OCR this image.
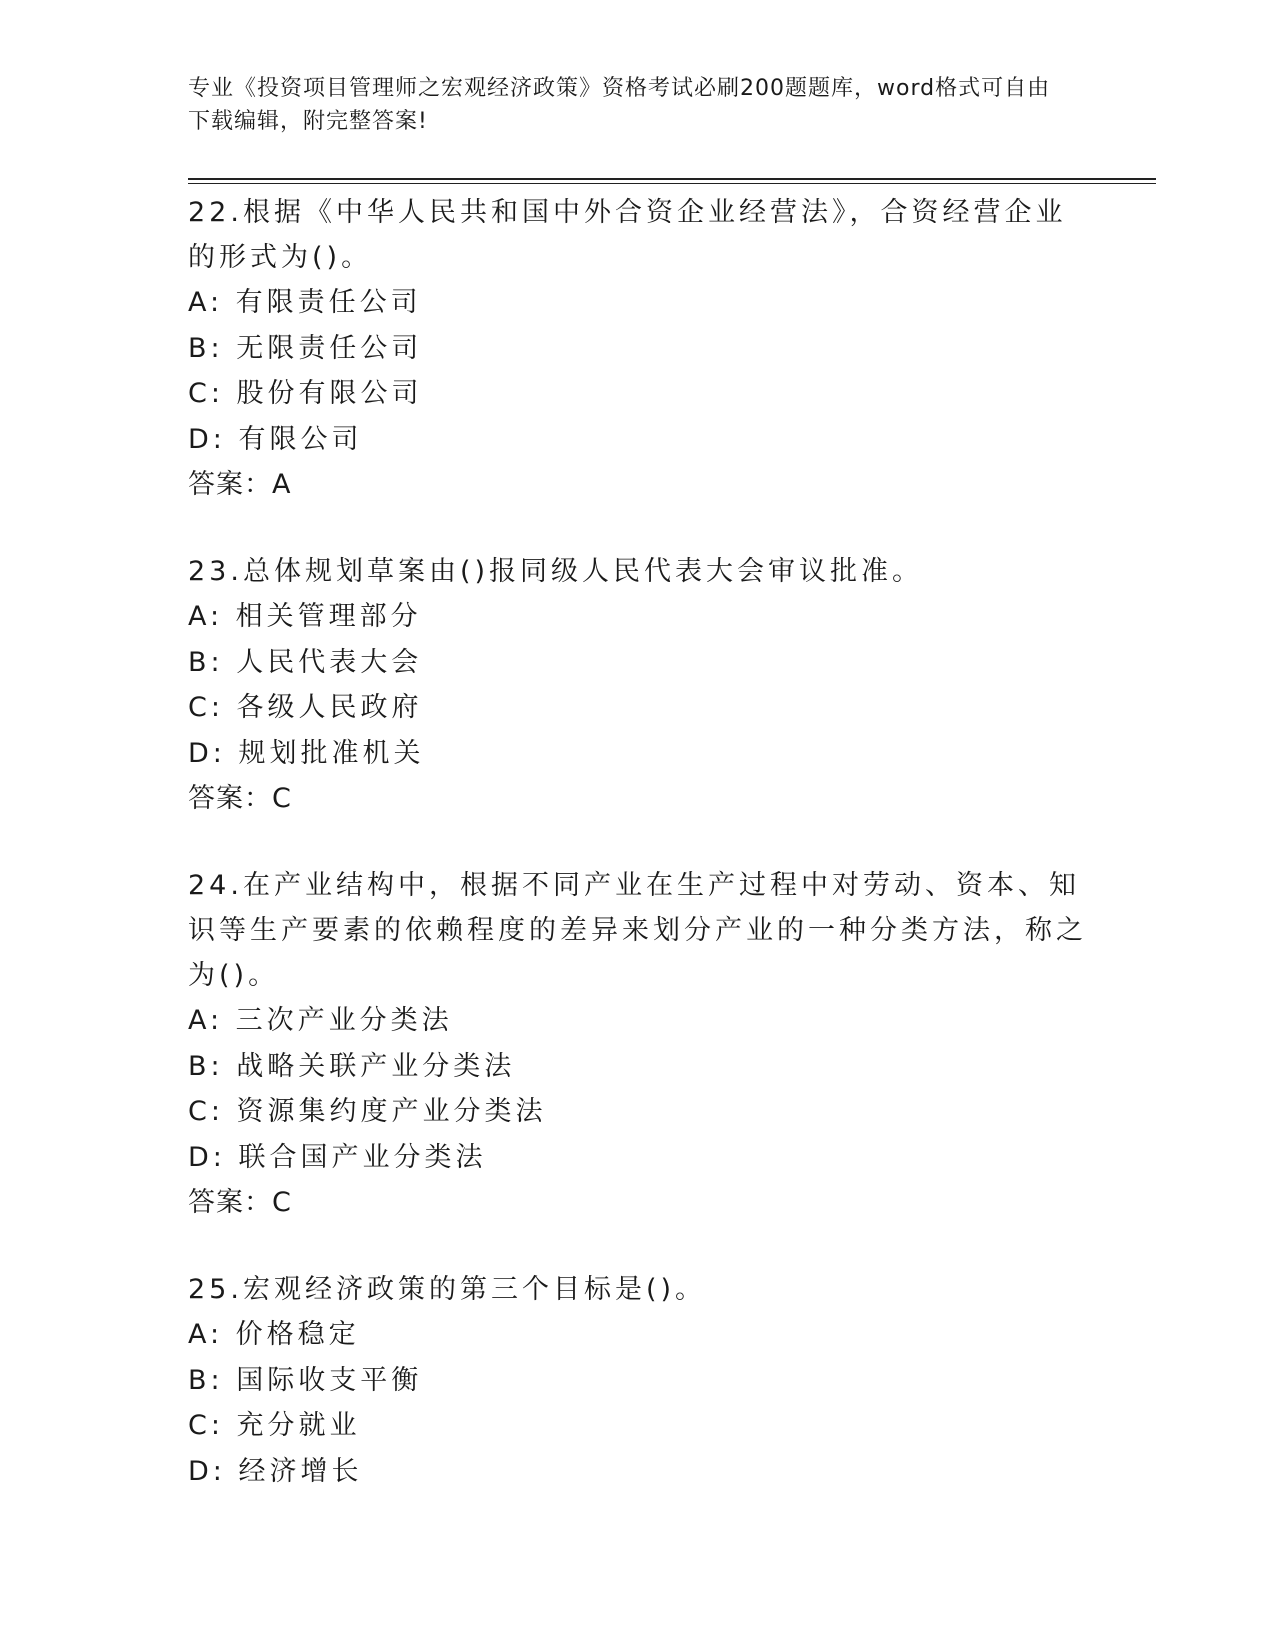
专业《投资项目管理师之宏观经济政策》资格考试必刷200题题库，word格式可自由下载编辑，附完整答案!

22.根据《中华人民共和国中外合资企业经营法》，合资经营企业的形式为()。

A: 有限责任公司

B: 无限责任公司

C: 股份有限公司

D: 有限公司

答案：A

23.总体规划草案由()报同级人民代表大会审议批准。

A: 相关管理部分

B: 人民代表大会

C: 各级人民政府

D: 规划批准机关

答案：C

24.在产业结构中，根据不同产业在生产过程中对劳动、资本、知识等生产要素的依赖程度的差异来划分产业的一种分类方法，称之为()。

A: 三次产业分类法

B: 战略关联产业分类法

C: 资源集约度产业分类法

D: 联合国产业分类法

答案：C

25.宏观经济政策的第三个目标是()。

A: 价格稳定

B: 国际收支平衡

C: 充分就业

D: 经济增长
